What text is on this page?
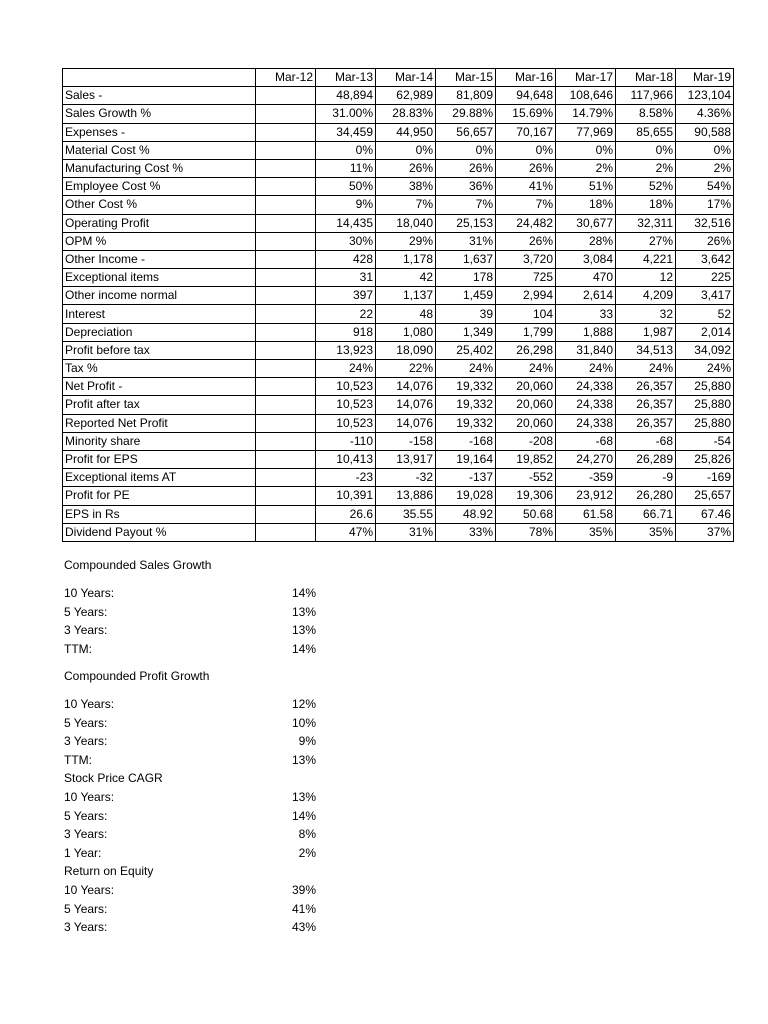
	Mar-12	Mar-13	Mar-14	Mar-15	Mar-16	Mar-17	Mar-18	Mar-19
Sales -		48,894	62,989	81,809	94,648	108,646	117,966	123,104
Sales Growth %		31.00%	28.83%	29.88%	15.69%	14.79%	8.58%	4.36%
Expenses -		34,459	44,950	56,657	70,167	77,969	85,655	90,588
Material Cost %		0%	0%	0%	0%	0%	0%	0%
Manufacturing Cost %		11%	26%	26%	26%	2%	2%	2%
Employee Cost %		50%	38%	36%	41%	51%	52%	54%
Other Cost %		9%	7%	7%	7%	18%	18%	17%
Operating Profit		14,435	18,040	25,153	24,482	30,677	32,311	32,516
OPM %		30%	29%	31%	26%	28%	27%	26%
Other Income -		428	1,178	1,637	3,720	3,084	4,221	3,642
Exceptional items		31	42	178	725	470	12	225
Other income normal		397	1,137	1,459	2,994	2,614	4,209	3,417
Interest		22	48	39	104	33	32	52
Depreciation		918	1,080	1,349	1,799	1,888	1,987	2,014
Profit before tax		13,923	18,090	25,402	26,298	31,840	34,513	34,092
Tax %		24%	22%	24%	24%	24%	24%	24%
Net Profit -		10,523	14,076	19,332	20,060	24,338	26,357	25,880
Profit after tax		10,523	14,076	19,332	20,060	24,338	26,357	25,880
Reported Net Profit		10,523	14,076	19,332	20,060	24,338	26,357	25,880
Minority share		-110	-158	-168	-208	-68	-68	-54
Profit for EPS		10,413	13,917	19,164	19,852	24,270	26,289	25,826
Exceptional items AT		-23	-32	-137	-552	-359	-9	-169
Profit for PE		10,391	13,886	19,028	19,306	23,912	26,280	25,657
EPS in Rs		26.6	35.55	48.92	50.68	61.58	66.71	67.46
Dividend Payout %		47%	31%	33%	78%	35%	35%	37%
Compounded Sales Growth
10 Years:	14%
5 Years:	13%
3 Years:	13%
TTM:	14%
Compounded Profit Growth
10 Years:	12%
5 Years:	10%
3 Years:	9%
TTM:	13%
Stock Price CAGR
10 Years:	13%
5 Years:	14%
3 Years:	8%
1 Year:	2%
Return on Equity
10 Years:	39%
5 Years:	41%
3 Years:	43%
